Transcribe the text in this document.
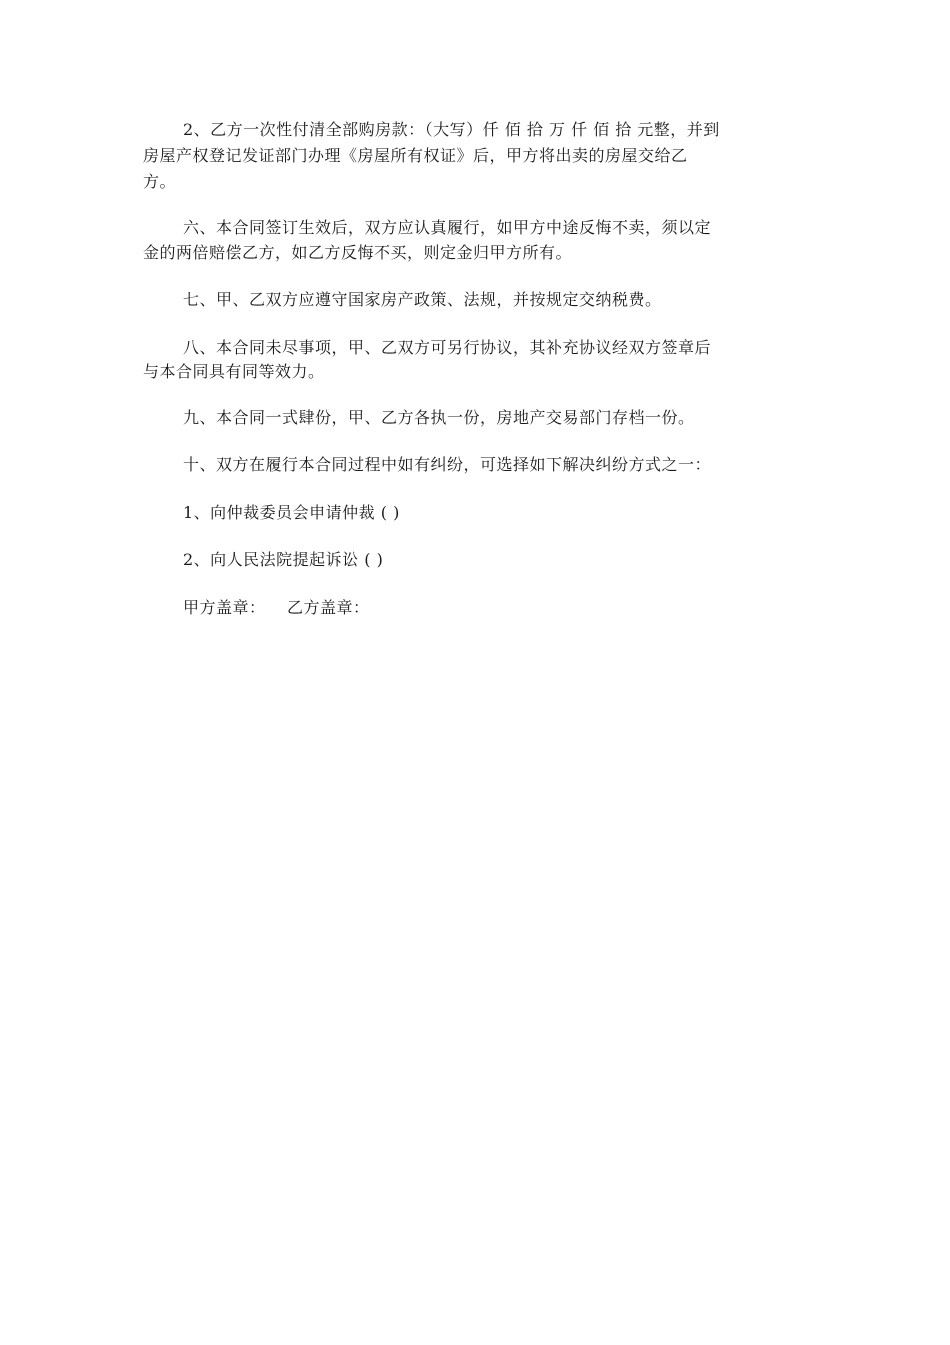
2、乙方一次性付清全部购房款：（大写）仟 佰 拾 万 仟 佰 拾 元整，并到
房屋产权登记发证部门办理《房屋所有权证》后，甲方将出卖的房屋交给乙
方。
六、本合同签订生效后，双方应认真履行，如甲方中途反悔不卖，须以定
金的两倍赔偿乙方，如乙方反悔不买，则定金归甲方所有。
七、甲、乙双方应遵守国家房产政策、法规，并按规定交纳税费。
八、本合同未尽事项，甲、乙双方可另行协议，其补充协议经双方签章后
与本合同具有同等效力。
九、本合同一式肆份，甲、乙方各执一份，房地产交易部门存档一份。
十、双方在履行本合同过程中如有纠纷，可选择如下解决纠纷方式之一：
1、向仲裁委员会申请仲裁 ( )
2、向人民法院提起诉讼 ( )
甲方盖章： 乙方盖章：
